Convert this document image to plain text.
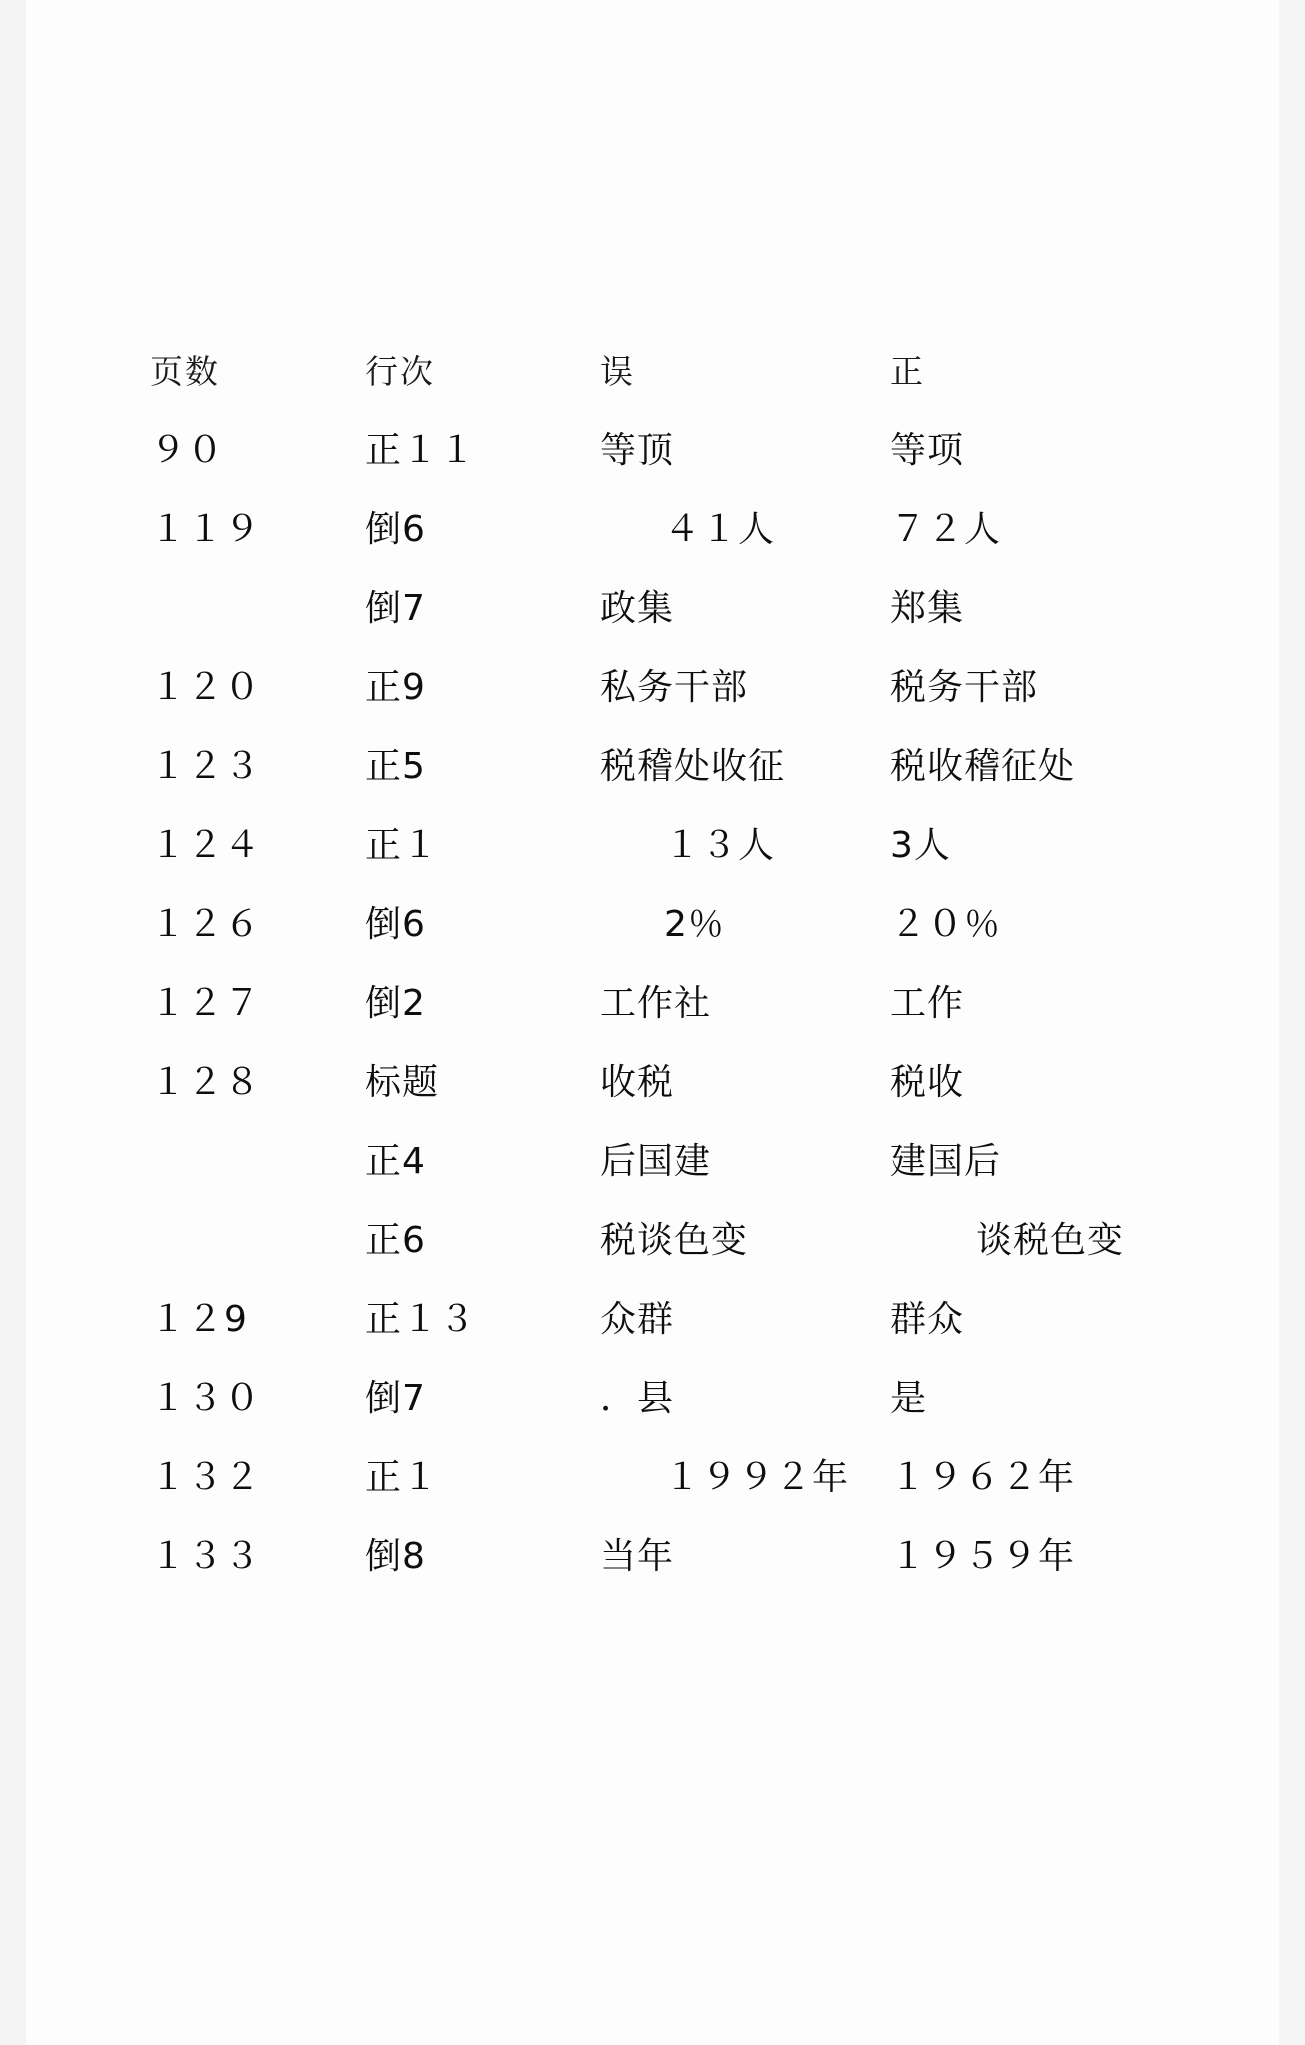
页数	行次	误	正
９０	正１１	等顶	等项
１１９	倒6	４１人	７２人
	倒7	政集	郑集
１２０	正9	私务干部	税务干部
１２３	正5	税稽处收征	税收稽征处
１２４	正１	１３人	3人
１２６	倒6	2％	２０％
１２７	倒2	工作社	工作
１２８	标题	收税	税收
	正4	后国建	建国后
	正6	税谈色变	谈税色变
１２9	正１３	众群	群众
１３０	倒7	．县	是
１３２	正１	１９９２年	１９６２年
１３３	倒8	当年	１９５９年
